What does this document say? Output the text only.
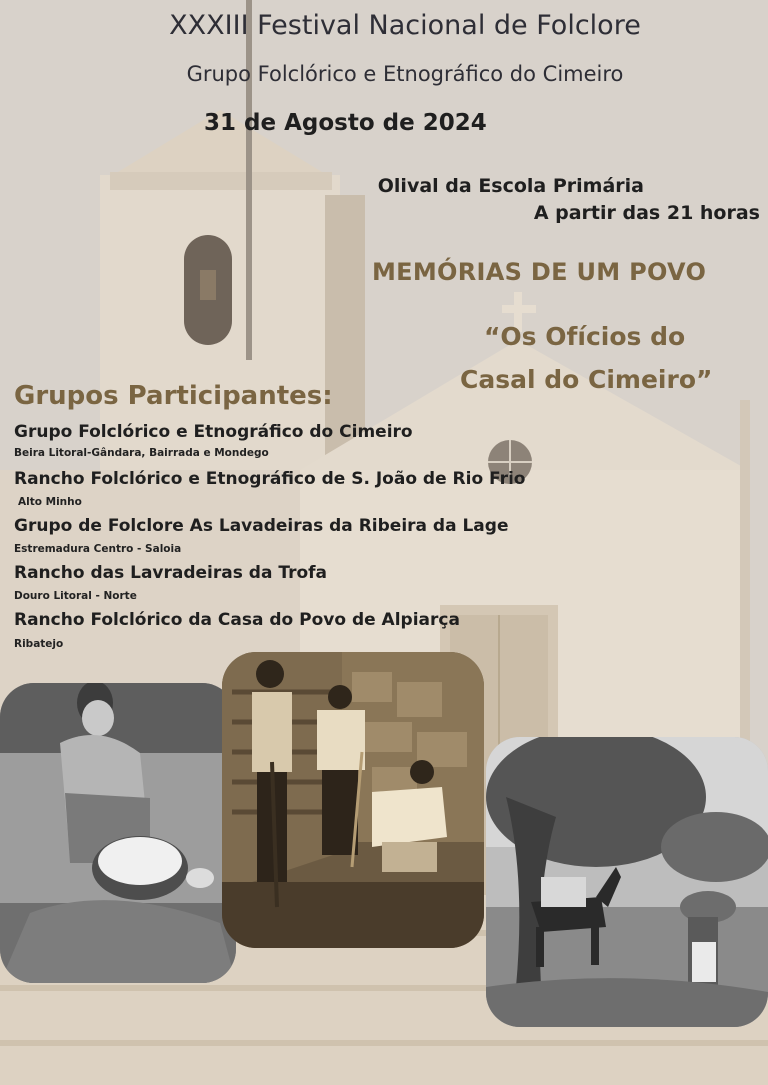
XXXIII Festival Nacional de Folclore
Grupo Folclórico e Etnográfico do Cimeiro
31 de Agosto de 2024
Olival da Escola Primária
A partir das 21 horas
MEMÓRIAS DE UM POVO
“Os Ofícios do
Casal do Cimeiro”
Grupos Participantes:
Grupo Folclórico e Etnográfico do Cimeiro
Beira Litoral-Gândara, Bairrada e Mondego
Rancho Folclórico e Etnográfico de S. João de Rio Frio
Alto Minho
Grupo de Folclore As Lavadeiras da Ribeira da Lage
Estremadura Centro - Saloia
Rancho das Lavradeiras da Trofa
Douro Litoral - Norte
Rancho Folclórico da Casa do Povo de Alpiarça
Ribatejo
